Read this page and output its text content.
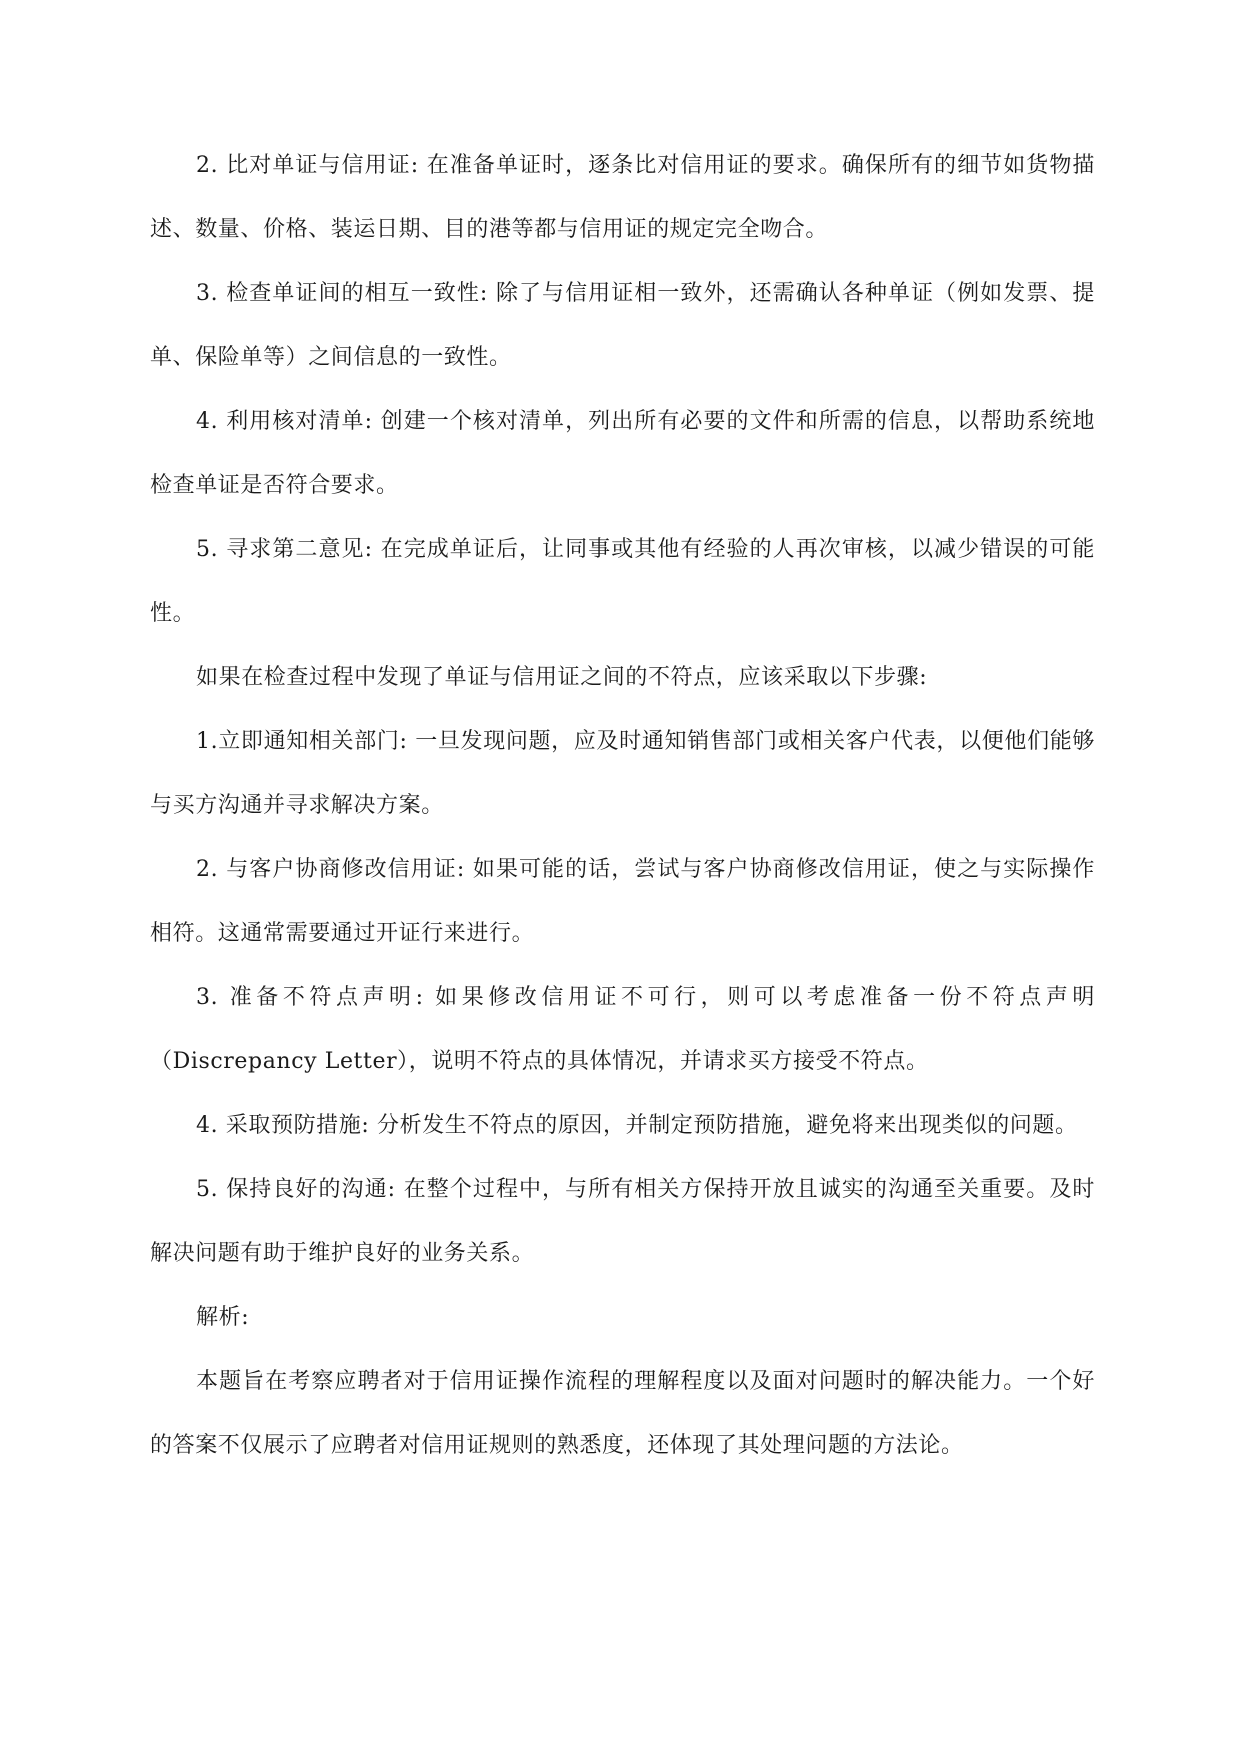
2. 比对单证与信用证: 在准备单证时，逐条比对信用证的要求。确保所有的细节如货物描述、数量、价格、装运日期、目的港等都与信用证的规定完全吻合。

3. 检查单证间的相互一致性: 除了与信用证相一致外，还需确认各种单证（例如发票、提单、保险单等）之间信息的一致性。

4. 利用核对清单: 创建一个核对清单，列出所有必要的文件和所需的信息，以帮助系统地检查单证是否符合要求。

5. 寻求第二意见: 在完成单证后，让同事或其他有经验的人再次审核，以减少错误的可能性。

如果在检查过程中发现了单证与信用证之间的不符点，应该采取以下步骤:

1.立即通知相关部门: 一旦发现问题，应及时通知销售部门或相关客户代表，以便他们能够与买方沟通并寻求解决方案。

2. 与客户协商修改信用证: 如果可能的话，尝试与客户协商修改信用证，使之与实际操作相符。这通常需要通过开证行来进行。

3. 准备不符点声明: 如果修改信用证不可行，则可以考虑准备一份不符点声明（Discrepancy Letter），说明不符点的具体情况，并请求买方接受不符点。

4. 采取预防措施: 分析发生不符点的原因，并制定预防措施，避免将来出现类似的问题。

5. 保持良好的沟通: 在整个过程中，与所有相关方保持开放且诚实的沟通至关重要。及时解决问题有助于维护良好的业务关系。

解析:

本题旨在考察应聘者对于信用证操作流程的理解程度以及面对问题时的解决能力。一个好的答案不仅展示了应聘者对信用证规则的熟悉度，还体现了其处理问题的方法论。
